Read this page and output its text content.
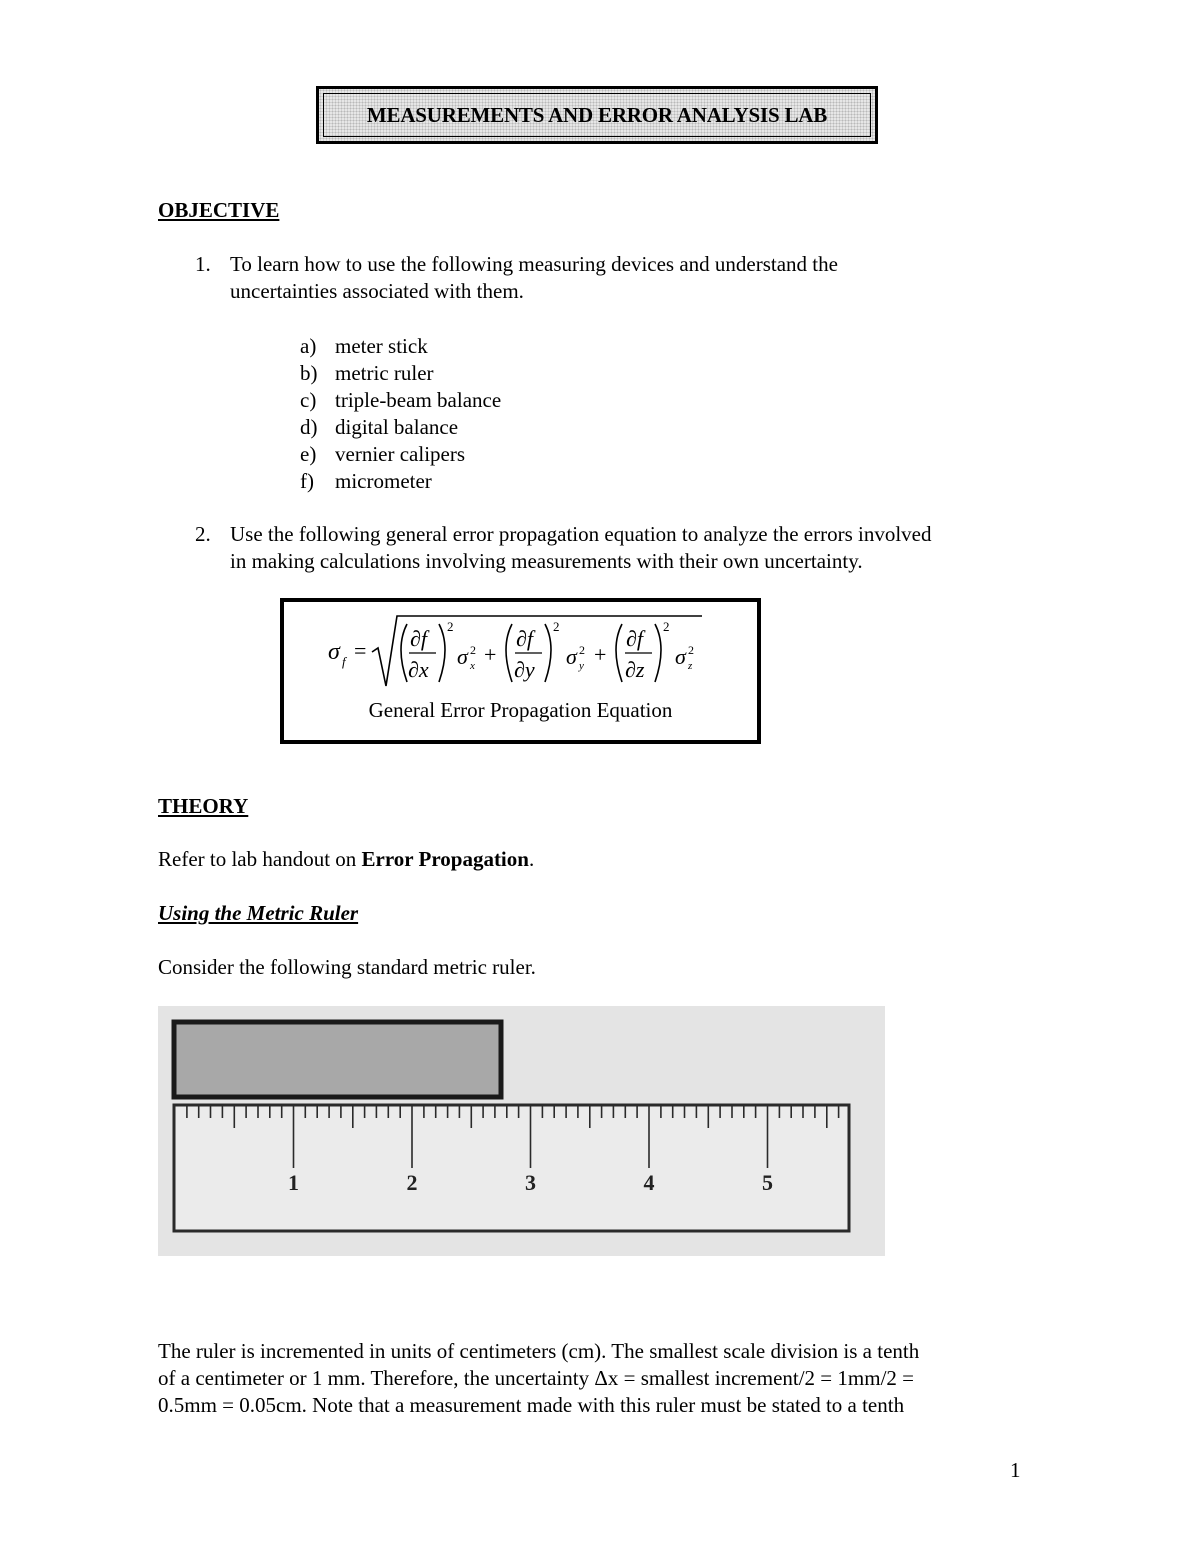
MEASUREMENTS AND ERROR ANALYSIS LAB
OBJECTIVE
1. To learn how to use the following measuring devices and understand the
uncertainties associated with them.
a) meter stick
b) metric ruler
c) triple-beam balance
d) digital balance
e) vernier calipers
f)	micrometer
2. Use the following general error propagation equation to analyze the errors involved
in making calculations involving measurements with their own uncertainty.
σ f = ∂f
∂x
2
σ 2
x +
∂f
∂y
2
σ 2
y +
∂f
∂z
2
σ 2
z
General Error Propagation Equation
THEORY
Refer to lab handout on Error Propagation.
Using the Metric Ruler
Consider the following standard metric ruler.
1	2	3	4	5
The ruler is incremented in units of centimeters (cm). The smallest scale division is a tenth
of a centimeter or 1 mm. Therefore, the uncertainty Δx = smallest increment/2 = 1mm/2 =
0.5mm = 0.05cm. Note that a measurement made with this ruler must be stated to a tenth
1
